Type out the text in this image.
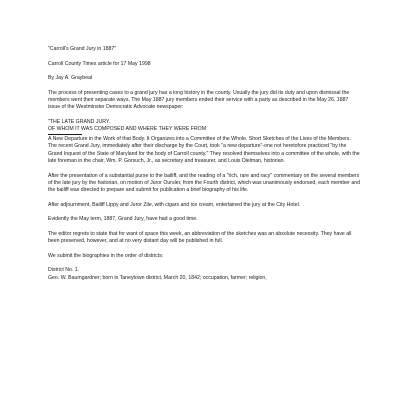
"Carroll's Grand Jury in 1887"

Carroll County Times article for 17 May 1998

By Jay A. Graybeal

The process of presenting cases to a grand jury has a long history in the county. Usually the jury did its duty and upon dismissal the members went their separate ways. The May 1887 jury members ended their service with a party as described in the May 26, 1887 issue of the Westminster Democratic Advocate newspaper:

"THE LATE GRAND JURY.

OF WHOM IT WAS COMPOSED AND WHERE THEY WERE FROM

A New Departure in the Work of that Body. It Organizes into a Committee of the Whole. Short Sketches of the Lives of the Members.

The recent Grand Jury, immediately after their discharge by the Court, took "a new departure"-one not heretofore practiced "by the Grand Inquest of the State of Maryland for the body of Carroll county." They resolved themselves into a committee of the whole, with the late foreman in the chair, Wm. P. Gorsuch, Jr., as secretary and treasurer, and Louis Dielman, historian.

After the presentation of a substantial purse to the bailiff, and the reading of a "rich, rare and racy" commentary on the several members of the late jury by the historian, on motion of Juror Oursler, from the Fourth district, which was unanimously endorsed, each member and the bailiff was directed to prepare and submit for publication a brief biography of his life.

After adjournment, Bailiff Lippy and Juror Zile, with cigars and ice cream, entertained the jury at the City Hotel.

Evidently the May term, 1887, Grand Jury, have had a good time.

The editor regrets to state that for want of space this week, an abbreviation of the sketches was an absolute necessity. They have all been preserved, however, and at no very distant day will be published in full.

We submit the biographies in the order of districts:

District No. 1.

Geo. W. Baumgardner; born in Taneytown district, March 20, 1842; occupation, farmer; religion,
